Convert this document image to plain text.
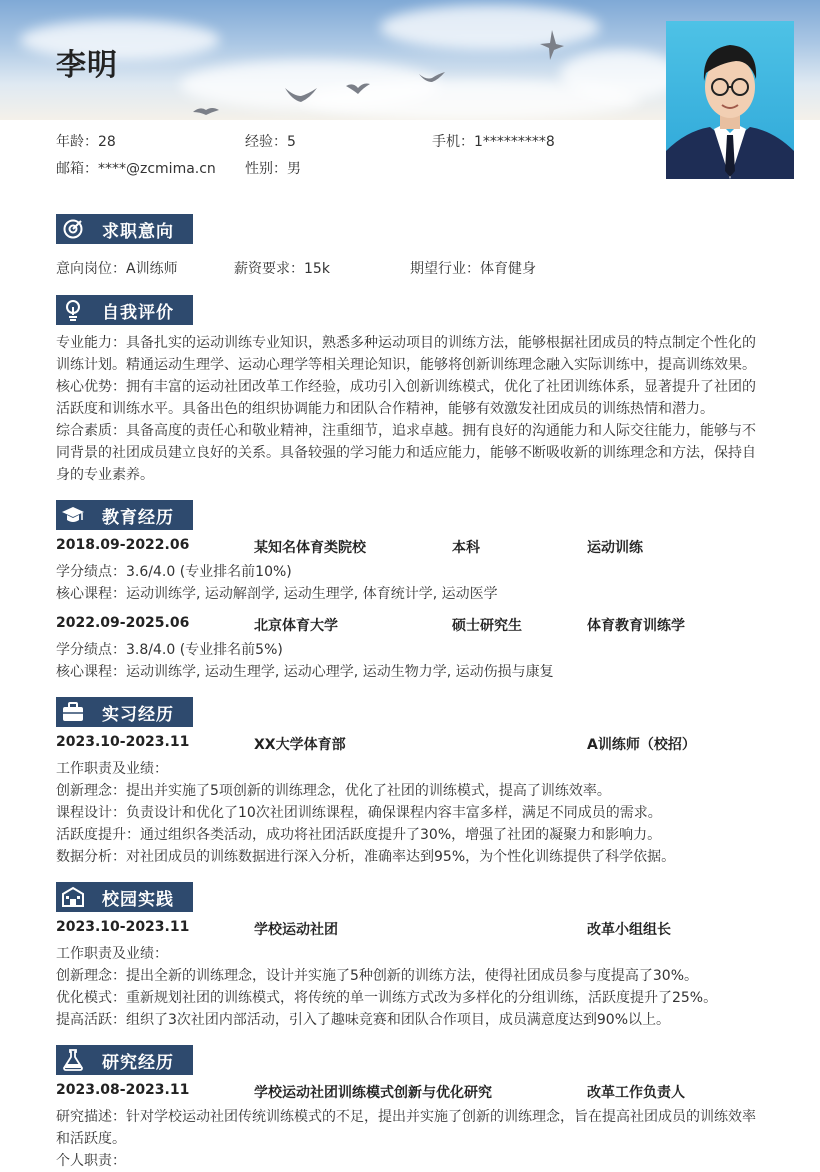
李明
年龄：28	经验：5	手机：1*********8
邮箱：****@zcmima.cn 性别：男
求职意向
意向岗位：A训练师	薪资要求：15k	期望行业：体育健身
自我评价
专业能力：具备扎实的运动训练专业知识，熟悉多种运动项目的训练方法，能够根据社团成员的特点制定个性化的
训练计划。精通运动生理学、运动心理学等相关理论知识，能够将创新训练理念融入实际训练中，提高训练效果。
核心优势：拥有丰富的运动社团改革工作经验，成功引入创新训练模式，优化了社团训练体系，显著提升了社团的
活跃度和训练水平。具备出色的组织协调能力和团队合作精神，能够有效激发社团成员的训练热情和潜力。
综合素质：具备高度的责任心和敬业精神，注重细节，追求卓越。拥有良好的沟通能力和人际交往能力，能够与不
同背景的社团成员建立良好的关系。具备较强的学习能力和适应能力，能够不断吸收新的训练理念和方法，保持自
身的专业素养。
教育经历
2018.09-2022.06	某知名体育类院校	本科	运动训练
学分绩点：3.6/4.0 (专业排名前10%)
核心课程：运动训练学, 运动解剖学, 运动生理学, 体育统计学, 运动医学
2022.09-2025.06	北京体育大学	硕士研究生	体育教育训练学
学分绩点：3.8/4.0 (专业排名前5%)
核心课程：运动训练学, 运动生理学, 运动心理学, 运动生物力学, 运动伤损与康复
实习经历
2023.10-2023.11	XX大学体育部	A训练师（校招）
工作职责及业绩：
创新理念：提出并实施了5项创新的训练理念，优化了社团的训练模式，提高了训练效率。
课程设计：负责设计和优化了10次社团训练课程，确保课程内容丰富多样，满足不同成员的需求。
活跃度提升：通过组织各类活动，成功将社团活跃度提升了30%，增强了社团的凝聚力和影响力。
数据分析：对社团成员的训练数据进行深入分析，准确率达到95%，为个性化训练提供了科学依据。
校园实践
2023.10-2023.11	学校运动社团	改革小组组长
工作职责及业绩：
创新理念：提出全新的训练理念，设计并实施了5种创新的训练方法，使得社团成员参与度提高了30%。
优化模式：重新规划社团的训练模式，将传统的单一训练方式改为多样化的分组训练，活跃度提升了25%。
提高活跃：组织了3次社团内部活动，引入了趣味竞赛和团队合作项目，成员满意度达到90%以上。
研究经历
2023.08-2023.11	学校运动社团训练模式创新与优化研究	改革工作负责人
研究描述：针对学校运动社团传统训练模式的不足，提出并实施了创新的训练理念，旨在提高社团成员的训练效率
和活跃度。
个人职责：
